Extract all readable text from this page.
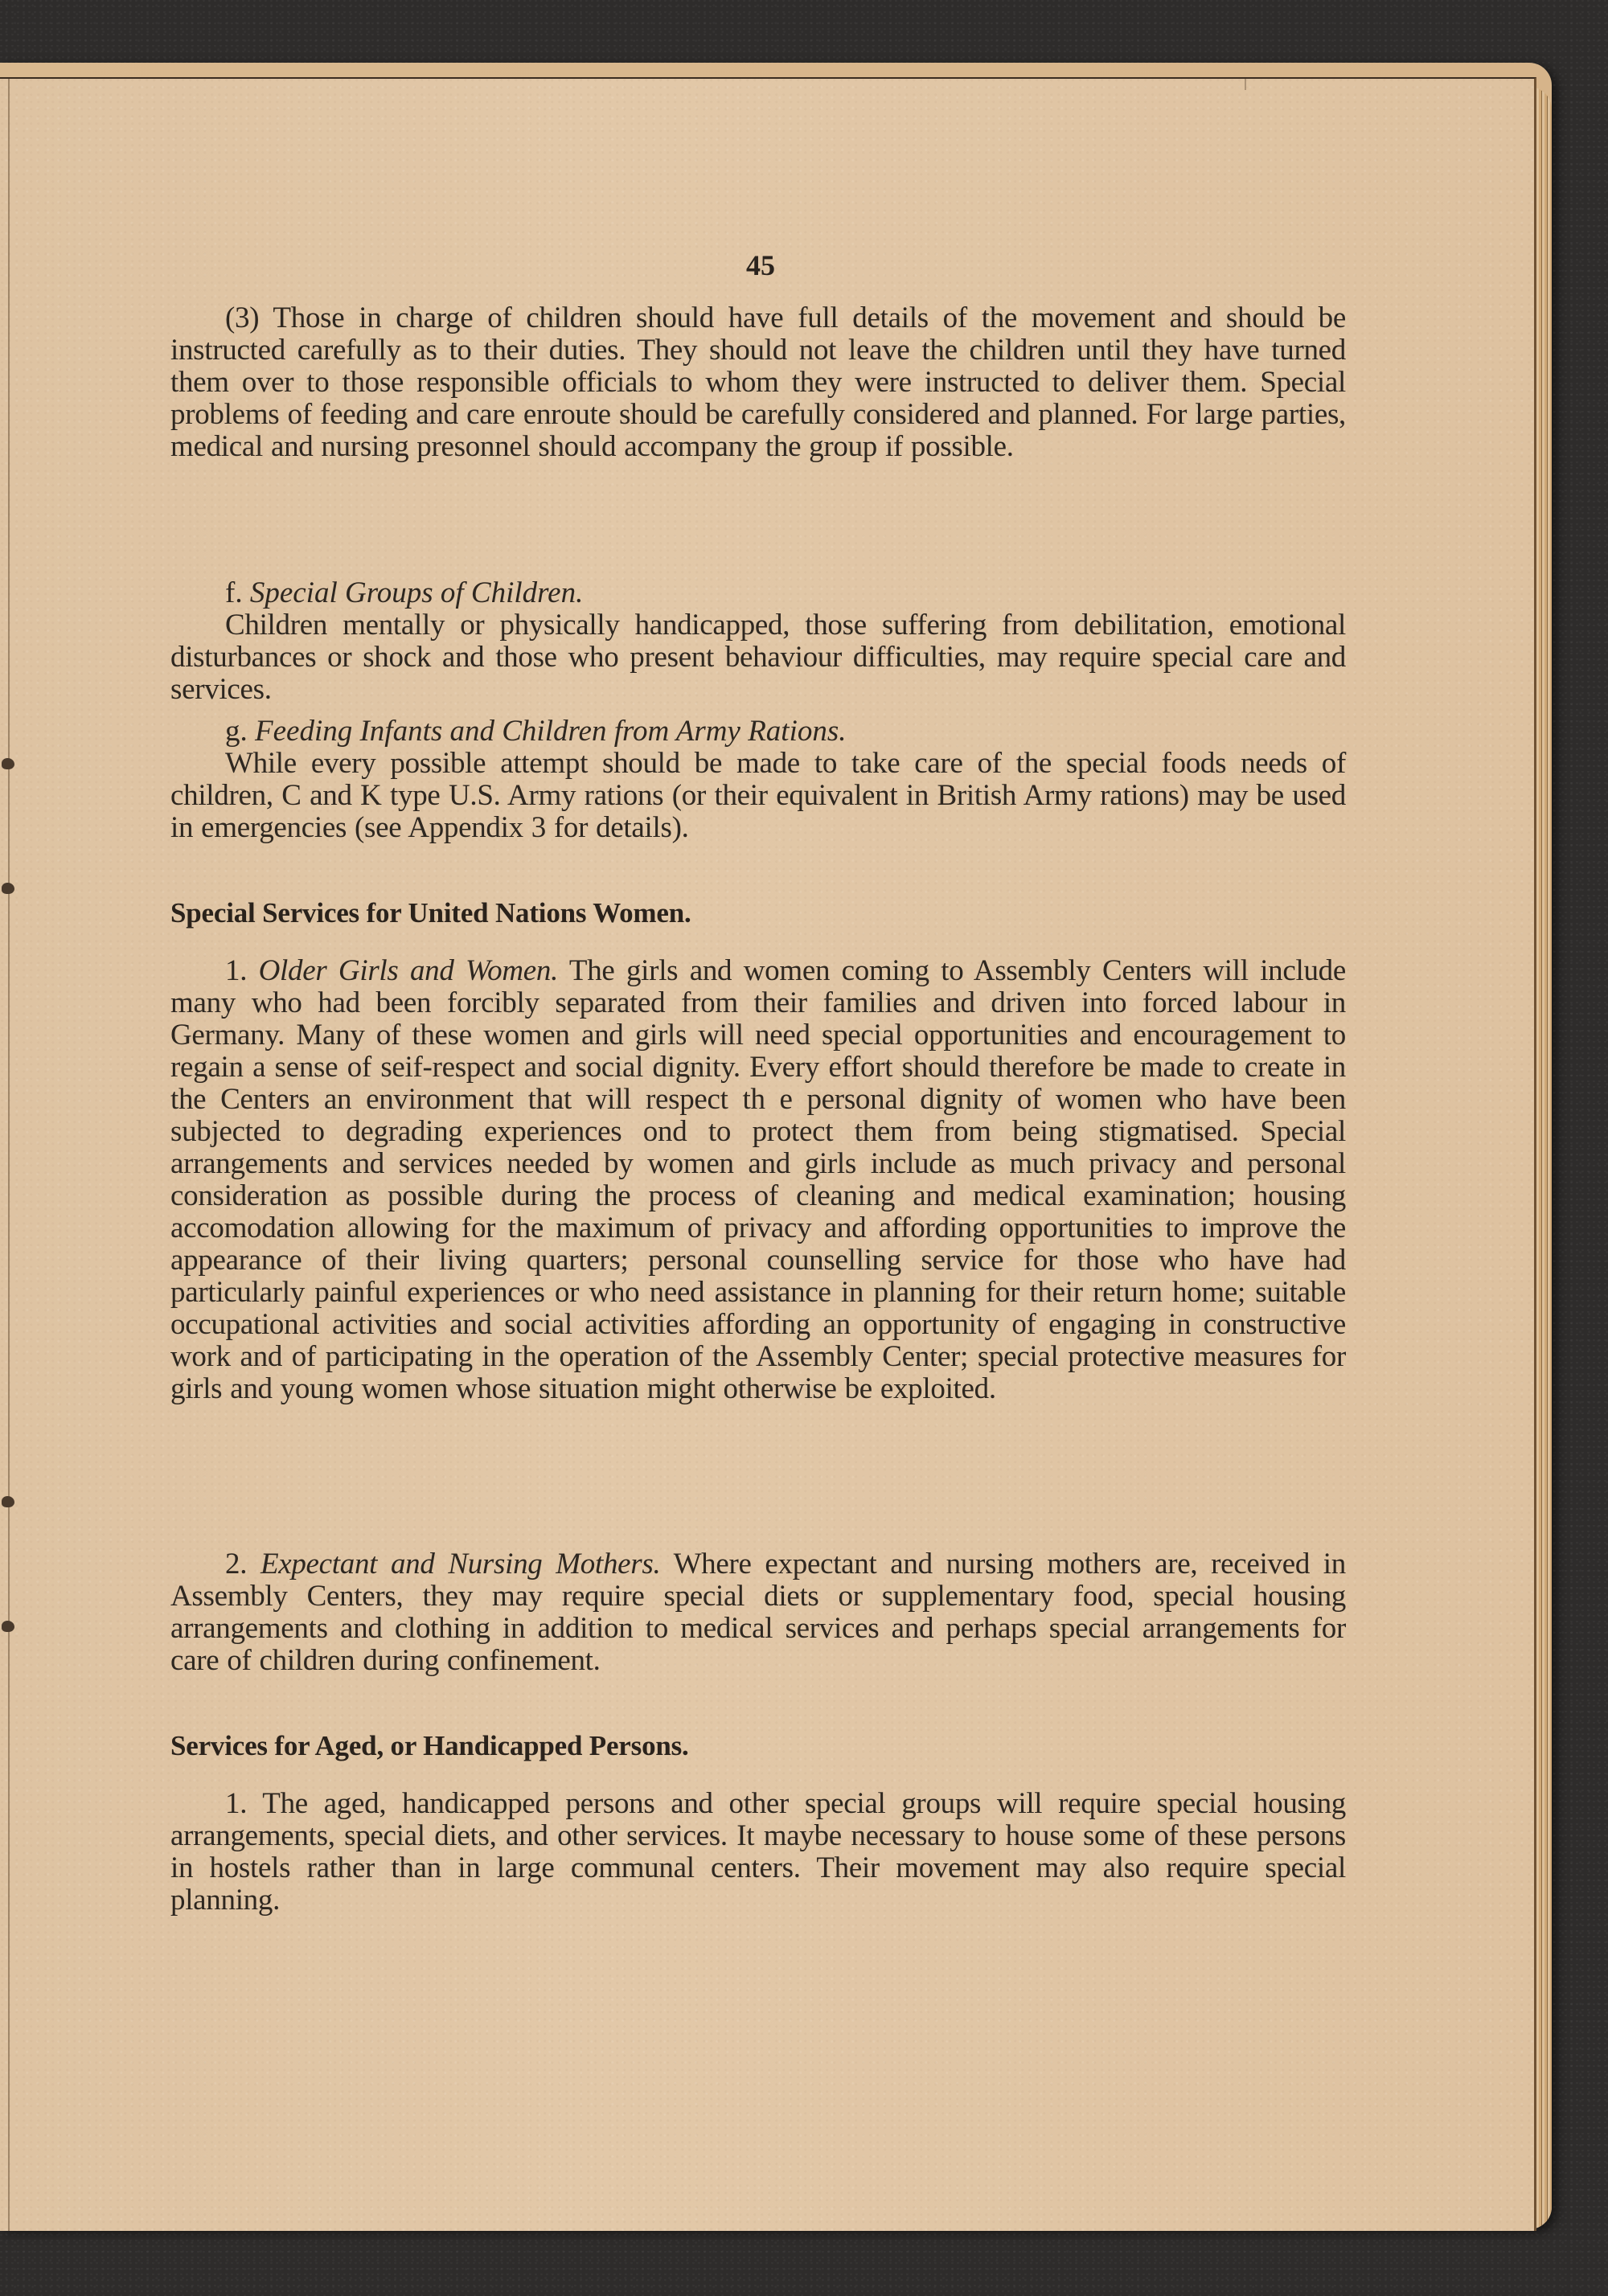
45
(3) Those in charge of children should have full details of the movement and should be instructed carefully as to their duties. They should not leave the children until they have turned them over to those responsible officials to whom they were instructed to deliver them. Special problems of feeding and care enroute should be carefully considered and planned. For large parties, medical and nursing presonnel should accompany the group if possible.
f. Special Groups of Children.
Children mentally or physically handicapped, those suffering from debilitation, emotional disturbances or shock and those who present behaviour difficulties, may require special care and services.
g. Feeding Infants and Children from Army Rations.
While every possible attempt should be made to take care of the special foods needs of children, C and K type U.S. Army rations (or their equivalent in British Army rations) may be used in emergencies (see Appendix 3 for details).
Special Services for United Nations Women.
1. Older Girls and Women. The girls and women coming to Assembly Centers will include many who had been forcibly separated from their families and driven into forced labour in Germany. Many of these women and girls will need special opportunities and encouragement to regain a sense of seif-respect and social dignity. Every effort should therefore be made to create in the Centers an environment that will respect th e personal dignity of women who have been subjected to degrading experiences ond to protect them from being stigmatised. Special arrangements and services needed by women and girls include as much privacy and personal consideration as possible during the process of cleaning and medical examination; housing accomodation allowing for the maximum of privacy and affording opportunities to improve the appearance of their living quarters; personal counselling service for those who have had particularly painful experiences or who need assistance in planning for their return home; suitable occupational activities and social activities affording an opportunity of engaging in constructive work and of participating in the operation of the Assembly Center; special protective measures for girls and young women whose situation might otherwise be exploited.
2. Expectant and Nursing Mothers. Where expectant and nursing mothers are, received in Assembly Centers, they may require special diets or supplementary food, special housing arrangements and clothing in addition to medical services and perhaps special arrangements for care of children during confinement.
Services for Aged, or Handicapped Persons.
1. The aged, handicapped persons and other special groups will require special housing arrangements, special diets, and other services. It maybe necessary to house some of these persons in hostels rather than in large communal centers. Their movement may also require special planning.
